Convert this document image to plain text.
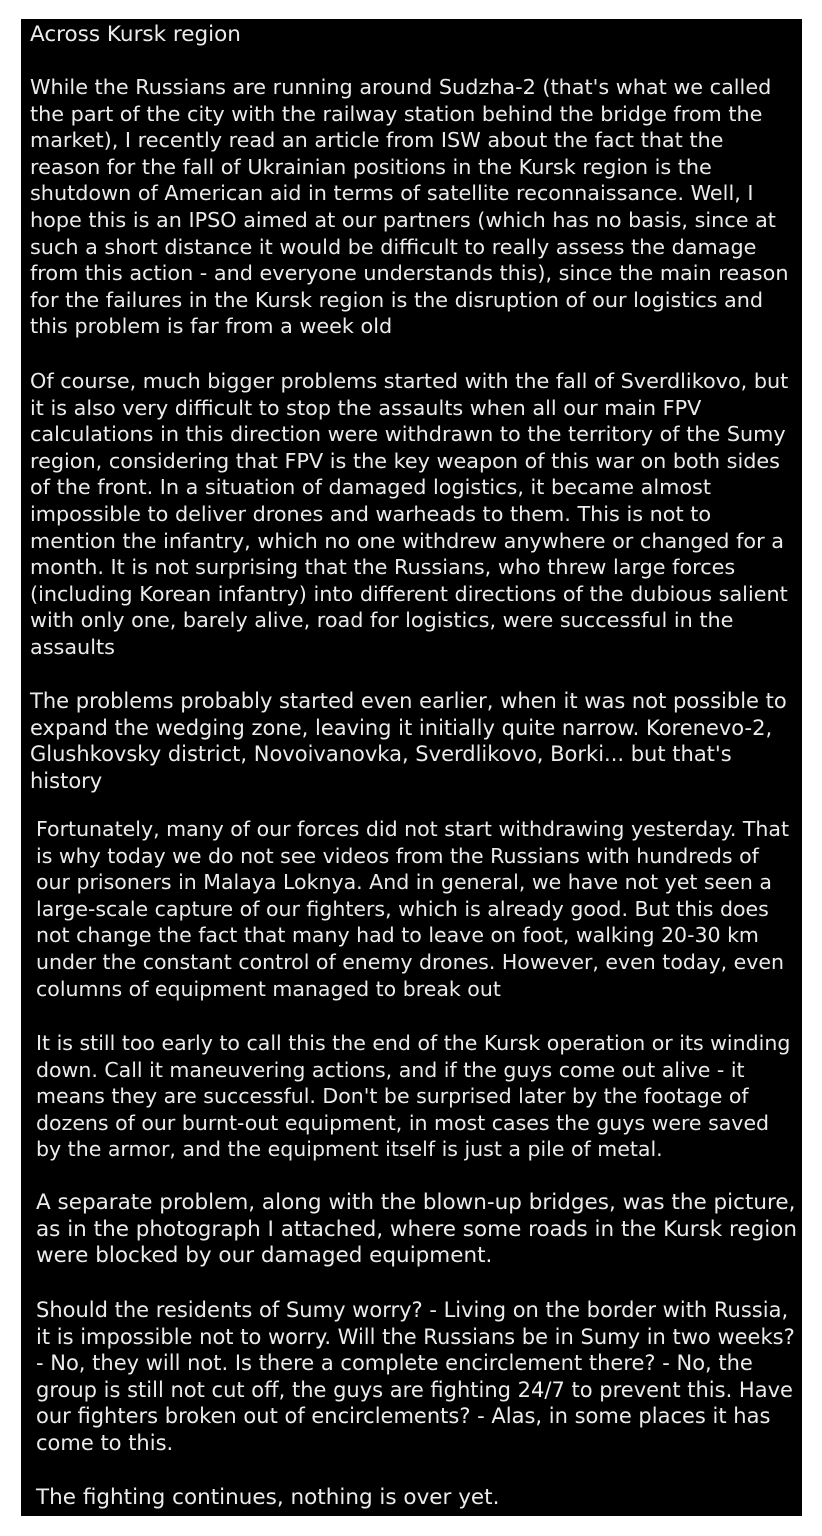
Across Kursk region

While the Russians are running around Sudzha-2 (that's what we called
the part of the city with the railway station behind the bridge from the
market), I recently read an article from ISW about the fact that the
reason for the fall of Ukrainian positions in the Kursk region is the
shutdown of American aid in terms of satellite reconnaissance. Well, I
hope this is an IPSO aimed at our partners (which has no basis, since at
such a short distance it would be difficult to really assess the damage
from this action - and everyone understands this), since the main reason
for the failures in the Kursk region is the disruption of our logistics and
this problem is far from a week old

Of course, much bigger problems started with the fall of Sverdlikovo, but
it is also very difficult to stop the assaults when all our main FPV
calculations in this direction were withdrawn to the territory of the Sumy
region, considering that FPV is the key weapon of this war on both sides
of the front. In a situation of damaged logistics, it became almost
impossible to deliver drones and warheads to them. This is not to
mention the infantry, which no one withdrew anywhere or changed for a
month. It is not surprising that the Russians, who threw large forces
(including Korean infantry) into different directions of the dubious salient
with only one, barely alive, road for logistics, were successful in the
assaults

The problems probably started even earlier, when it was not possible to
expand the wedging zone, leaving it initially quite narrow. Korenevo-2,
Glushkovsky district, Novoivanovka, Sverdlikovo, Borki... but that's
history

Fortunately, many of our forces did not start withdrawing yesterday. That
is why today we do not see videos from the Russians with hundreds of
our prisoners in Malaya Loknya. And in general, we have not yet seen a
large-scale capture of our fighters, which is already good. But this does
not change the fact that many had to leave on foot, walking 20-30 km
under the constant control of enemy drones. However, even today, even
columns of equipment managed to break out

It is still too early to call this the end of the Kursk operation or its winding
down. Call it maneuvering actions, and if the guys come out alive - it
means they are successful. Don't be surprised later by the footage of
dozens of our burnt-out equipment, in most cases the guys were saved
by the armor, and the equipment itself is just a pile of metal.

A separate problem, along with the blown-up bridges, was the picture,
as in the photograph I attached, where some roads in the Kursk region
were blocked by our damaged equipment.

Should the residents of Sumy worry? - Living on the border with Russia,
it is impossible not to worry. Will the Russians be in Sumy in two weeks?
- No, they will not. Is there a complete encirclement there? - No, the
group is still not cut off, the guys are fighting 24/7 to prevent this. Have
our fighters broken out of encirclements? - Alas, in some places it has
come to this.

The fighting continues, nothing is over yet.
